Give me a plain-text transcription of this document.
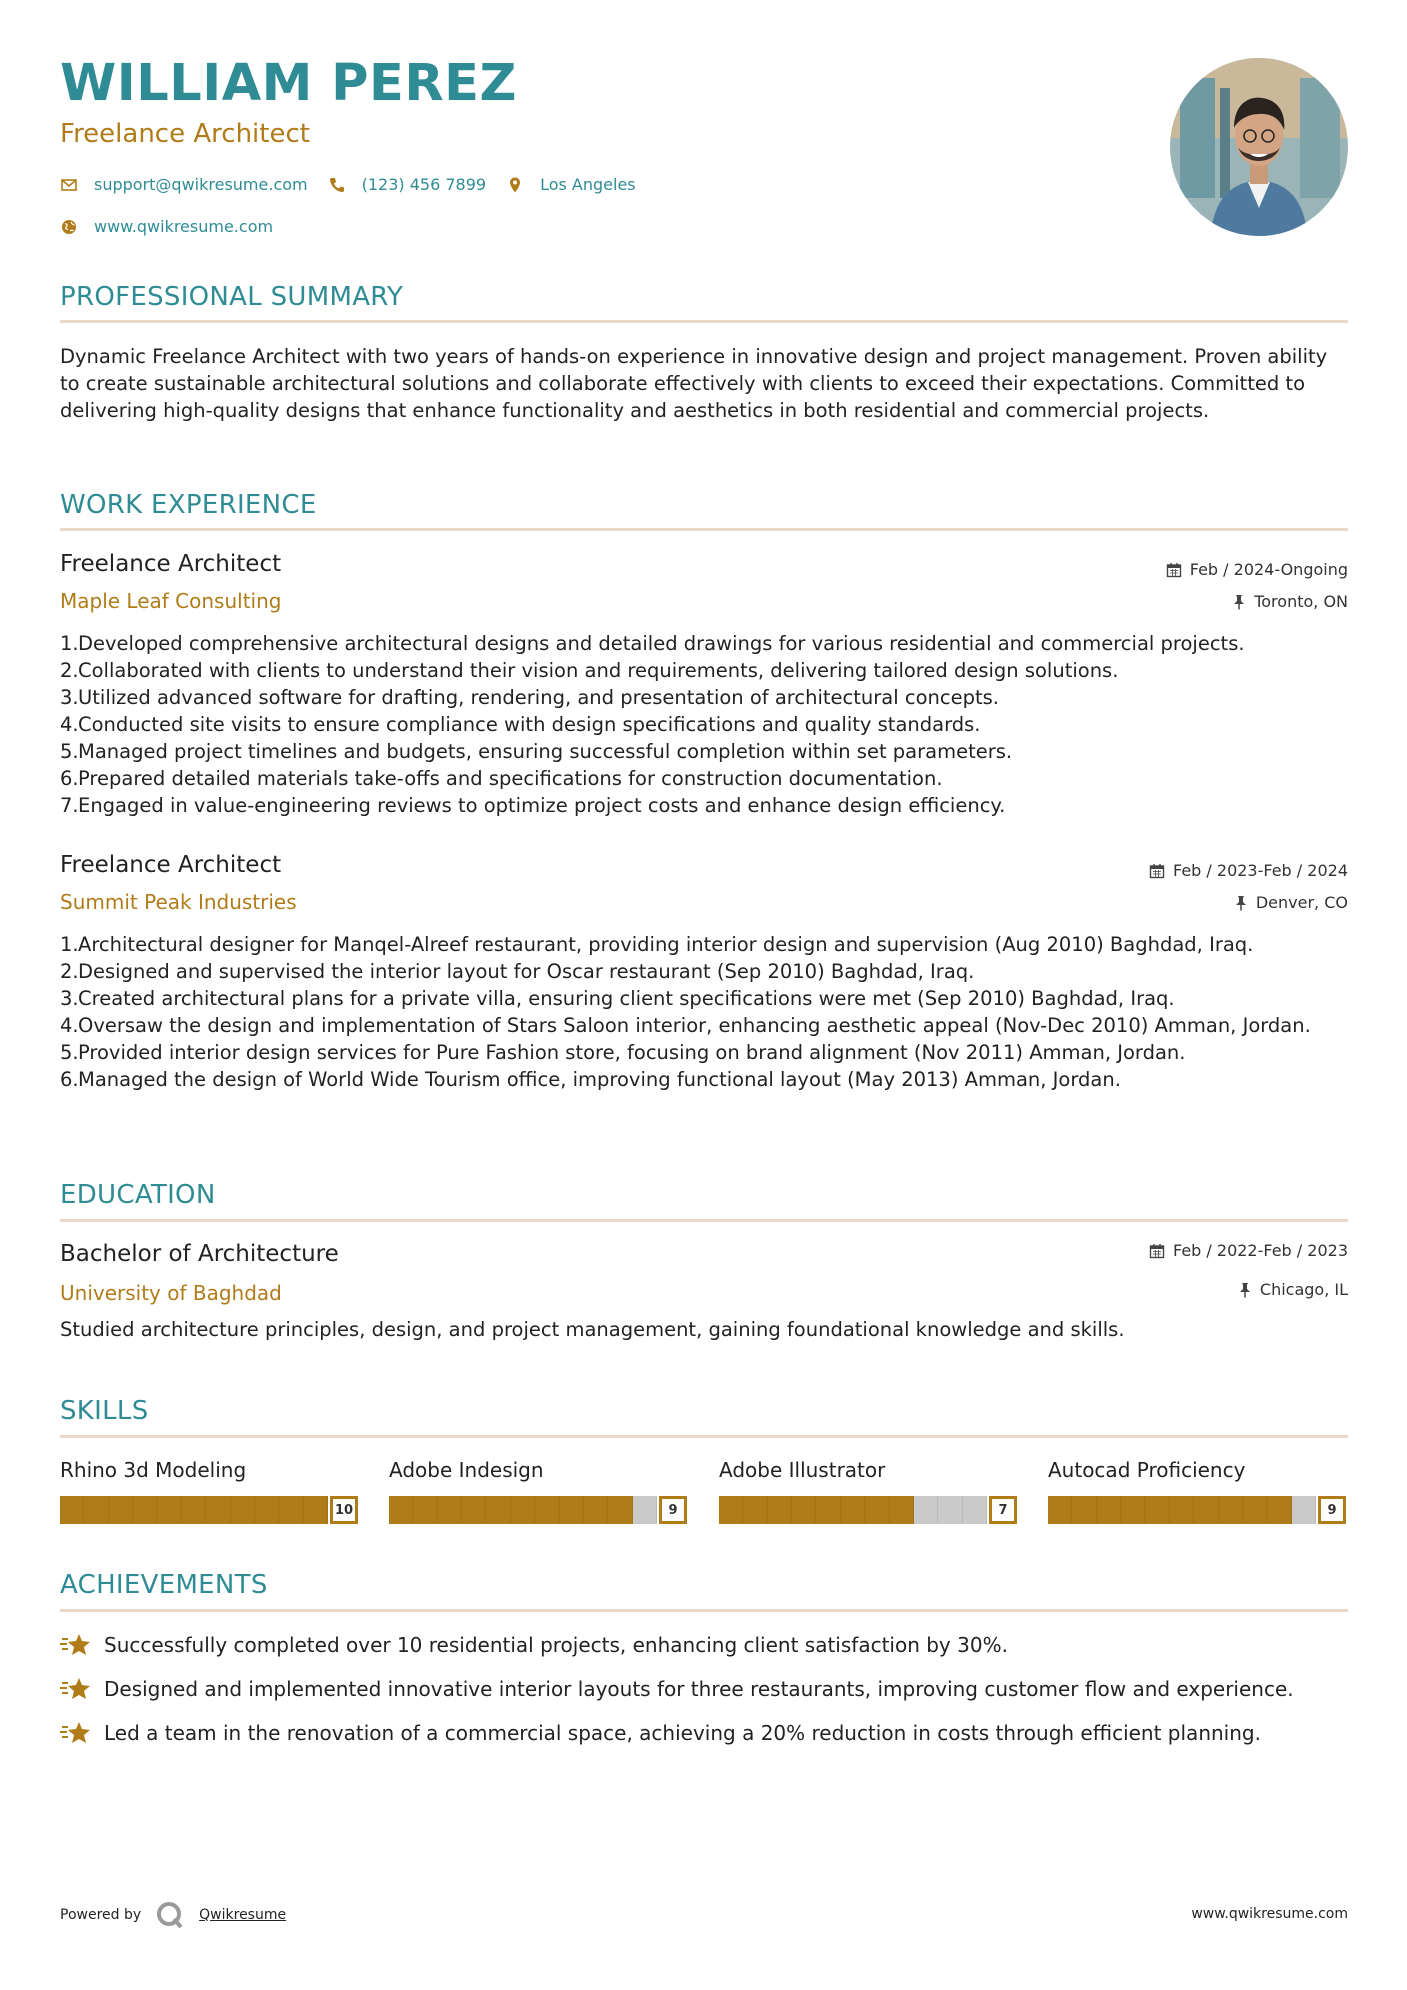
WILLIAM PEREZ
Freelance Architect
support@qwikresume.com	(123) 456 7899	Los Angeles
www.qwikresume.com
PROFESSIONAL SUMMARY
Dynamic Freelance Architect with two years of hands-on experience in innovative design and project management. Proven ability to create sustainable architectural solutions and collaborate effectively with clients to exceed their expectations. Committed to delivering high-quality designs that enhance functionality and aesthetics in both residential and commercial projects.
WORK EXPERIENCE
Freelance Architect
Maple Leaf Consulting
Feb / 2024-Ongoing
Toronto, ON
1. Developed comprehensive architectural designs and detailed drawings for various residential and commercial projects.
2. Collaborated with clients to understand their vision and requirements, delivering tailored design solutions.
3. Utilized advanced software for drafting, rendering, and presentation of architectural concepts.
4. Conducted site visits to ensure compliance with design specifications and quality standards.
5. Managed project timelines and budgets, ensuring successful completion within set parameters.
6. Prepared detailed materials take-offs and specifications for construction documentation.
7. Engaged in value-engineering reviews to optimize project costs and enhance design efficiency.
Freelance Architect
Summit Peak Industries
Feb / 2023-Feb / 2024
Denver, CO
1. Architectural designer for Manqel-Alreef restaurant, providing interior design and supervision (Aug 2010) Baghdad, Iraq.
2. Designed and supervised the interior layout for Oscar restaurant (Sep 2010) Baghdad, Iraq.
3. Created architectural plans for a private villa, ensuring client specifications were met (Sep 2010) Baghdad, Iraq.
4. Oversaw the design and implementation of Stars Saloon interior, enhancing aesthetic appeal (Nov-Dec 2010) Amman, Jordan.
5. Provided interior design services for Pure Fashion store, focusing on brand alignment (Nov 2011) Amman, Jordan.
6. Managed the design of World Wide Tourism office, improving functional layout (May 2013) Amman, Jordan.
EDUCATION
Bachelor of Architecture
University of Baghdad
Feb / 2022-Feb / 2023
Chicago, IL
Studied architecture principles, design, and project management, gaining foundational knowledge and skills.
SKILLS
Rhino 3d Modeling
10
Adobe Indesign
9
Adobe Illustrator
7
Autocad Proficiency
9
ACHIEVEMENTS
Successfully completed over 10 residential projects, enhancing client satisfaction by 30%.
Designed and implemented innovative interior layouts for three restaurants, improving customer flow and experience.
Led a team in the renovation of a commercial space, achieving a 20% reduction in costs through efficient planning.
Powered by	Qwikresume	www.qwikresume.com
